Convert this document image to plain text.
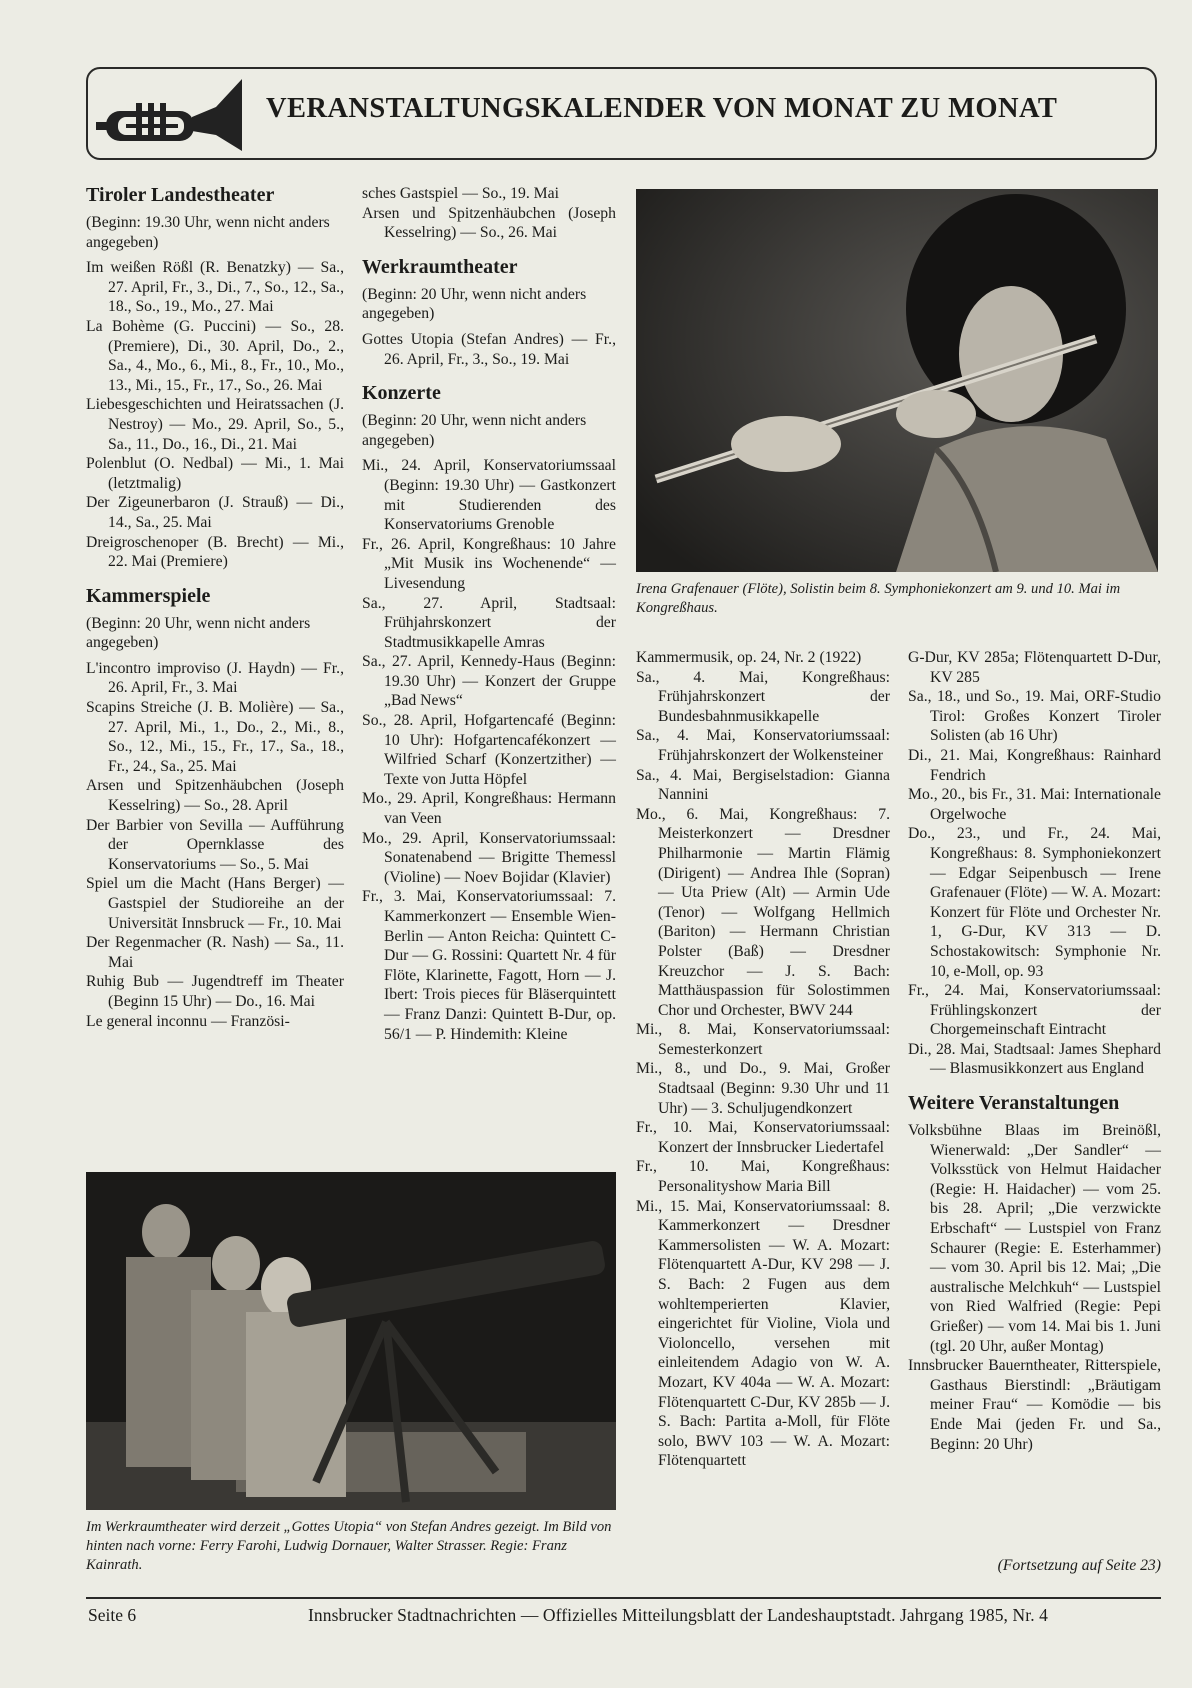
VERANSTALTUNGSKALENDER VON MONAT ZU MONAT
Tiroler Landestheater

(Beginn: 19.30 Uhr, wenn nicht anders angegeben)

Im weißen Rößl (R. Benatzky) — Sa., 27. April, Fr., 3., Di., 7., So., 12., Sa., 18., So., 19., Mo., 27. Mai

La Bohème (G. Puccini) — So., 28. (Premiere), Di., 30. April, Do., 2., Sa., 4., Mo., 6., Mi., 8., Fr., 10., Mo., 13., Mi., 15., Fr., 17., So., 26. Mai

Liebesgeschichten und Heiratssachen (J. Nestroy) — Mo., 29. April, So., 5., Sa., 11., Do., 16., Di., 21. Mai

Polenblut (O. Nedbal) — Mi., 1. Mai (letztmalig)

Der Zigeunerbaron (J. Strauß) — Di., 14., Sa., 25. Mai

Dreigroschenoper (B. Brecht) — Mi., 22. Mai (Premiere)

Kammerspiele

(Beginn: 20 Uhr, wenn nicht anders angegeben)

L'incontro improviso (J. Haydn) — Fr., 26. April, Fr., 3. Mai

Scapins Streiche (J. B. Molière) — Sa., 27. April, Mi., 1., Do., 2., Mi., 8., So., 12., Mi., 15., Fr., 17., Sa., 18., Fr., 24., Sa., 25. Mai

Arsen und Spitzenhäubchen (Joseph Kesselring) — So., 28. April

Der Barbier von Sevilla — Aufführung der Opernklasse des Konservatoriums — So., 5. Mai

Spiel um die Macht (Hans Berger) — Gastspiel der Studioreihe an der Universität Innsbruck — Fr., 10. Mai

Der Regenmacher (R. Nash) — Sa., 11. Mai

Ruhig Bub — Jugendtreff im Theater (Beginn 15 Uhr) — Do., 16. Mai

Le general inconnu — Französi-

sches Gastspiel — So., 19. Mai

Arsen und Spitzenhäubchen (Joseph Kesselring) — So., 26. Mai

Werkraumtheater

(Beginn: 20 Uhr, wenn nicht anders angegeben)

Gottes Utopia (Stefan Andres) — Fr., 26. April, Fr., 3., So., 19. Mai

Konzerte

(Beginn: 20 Uhr, wenn nicht anders angegeben)

Mi., 24. April, Konservatoriumssaal (Beginn: 19.30 Uhr) — Gastkonzert mit Studierenden des Konservatoriums Grenoble

Fr., 26. April, Kongreßhaus: 10 Jahre „Mit Musik ins Wochenende“ — Livesendung

Sa., 27. April, Stadtsaal: Frühjahrskonzert der Stadtmusikkapelle Amras

Sa., 27. April, Kennedy-Haus (Beginn: 19.30 Uhr) — Konzert der Gruppe „Bad News“

So., 28. April, Hofgartencafé (Beginn: 10 Uhr): Hofgartencafékonzert — Wilfried Scharf (Konzertzither) — Texte von Jutta Höpfel

Mo., 29. April, Kongreßhaus: Hermann van Veen

Mo., 29. April, Konservatoriumssaal: Sonatenabend — Brigitte Themessl (Violine) — Noev Bojidar (Klavier)

Fr., 3. Mai, Konservatoriumssaal: 7. Kammerkonzert — Ensemble Wien-Berlin — Anton Reicha: Quintett C-Dur — G. Rossini: Quartett Nr. 4 für Flöte, Klarinette, Fagott, Horn — J. Ibert: Trois pieces für Bläserquintett — Franz Danzi: Quintett B-Dur, op. 56/1 — P. Hindemith: Kleine

Irena Grafenauer (Flöte), Solistin beim 8. Symphoniekonzert am 9. und 10. Mai im Kongreßhaus.

Kammermusik, op. 24, Nr. 2 (1922)

Sa., 4. Mai, Kongreßhaus: Frühjahrskonzert der Bundesbahnmusikkapelle

Sa., 4. Mai, Konservatoriumssaal: Frühjahrskonzert der Wolkensteiner

Sa., 4. Mai, Bergiselstadion: Gianna Nannini

Mo., 6. Mai, Kongreßhaus: 7. Meisterkonzert — Dresdner Philharmonie — Martin Flämig (Dirigent) — Andrea Ihle (Sopran) — Uta Priew (Alt) — Armin Ude (Tenor) — Wolfgang Hellmich (Bariton) — Hermann Christian Polster (Baß) — Dresdner Kreuzchor — J. S. Bach: Matthäuspassion für Solostimmen Chor und Orchester, BWV 244

Mi., 8. Mai, Konservatoriumssaal: Semesterkonzert

Mi., 8., und Do., 9. Mai, Großer Stadtsaal (Beginn: 9.30 Uhr und 11 Uhr) — 3. Schuljugendkonzert

Fr., 10. Mai, Konservatoriumssaal: Konzert der Innsbrucker Liedertafel

Fr., 10. Mai, Kongreßhaus: Personalityshow Maria Bill

Mi., 15. Mai, Konservatoriumssaal: 8. Kammerkonzert — Dresdner Kammersolisten — W. A. Mozart: Flötenquartett A-Dur, KV 298 — J. S. Bach: 2 Fugen aus dem wohltemperierten Klavier, eingerichtet für Violine, Viola und Violoncello, versehen mit einleitendem Adagio von W. A. Mozart, KV 404a — W. A. Mozart: Flötenquartett C-Dur, KV 285b — J. S. Bach: Partita a-Moll, für Flöte solo, BWV 103 — W. A. Mozart: Flötenquartett

G-Dur, KV 285a; Flötenquartett D-Dur, KV 285

Sa., 18., und So., 19. Mai, ORF-Studio Tirol: Großes Konzert Tiroler Solisten (ab 16 Uhr)

Di., 21. Mai, Kongreßhaus: Rainhard Fendrich

Mo., 20., bis Fr., 31. Mai: Internationale Orgelwoche

Do., 23., und Fr., 24. Mai, Kongreßhaus: 8. Symphoniekonzert — Edgar Seipenbusch — Irene Grafenauer (Flöte) — W. A. Mozart: Konzert für Flöte und Orchester Nr. 1, G-Dur, KV 313 — D. Schostakowitsch: Symphonie Nr. 10, e-Moll, op. 93

Fr., 24. Mai, Konservatoriumssaal: Frühlingskonzert der Chorgemeinschaft Eintracht

Di., 28. Mai, Stadtsaal: James Shephard — Blasmusikkonzert aus England

Weitere Veranstaltungen

Volksbühne Blaas im Breinößl, Wienerwald: „Der Sandler“ — Volksstück von Helmut Haidacher (Regie: H. Haidacher) — vom 25. bis 28. April; „Die verzwickte Erbschaft“ — Lustspiel von Franz Schaurer (Regie: E. Esterhammer) — vom 30. April bis 12. Mai; „Die australische Melchkuh“ — Lustspiel von Ried Walfried (Regie: Pepi Grießer) — vom 14. Mai bis 1. Juni (tgl. 20 Uhr, außer Montag)

Innsbrucker Bauerntheater, Ritterspiele, Gasthaus Bierstindl: „Bräutigam meiner Frau“ — Komödie — bis Ende Mai (jeden Fr. und Sa., Beginn: 20 Uhr)

(Fortsetzung auf Seite 23)
Im Werkraumtheater wird derzeit „Gottes Utopia“ von Stefan Andres gezeigt. Im Bild von hinten nach vorne: Ferry Farohi, Ludwig Dornauer, Walter Strasser. Regie: Franz Kainrath.
Seite 6	Innsbrucker Stadtnachrichten — Offizielles Mitteilungsblatt der Landeshauptstadt. Jahrgang 1985, Nr. 4
